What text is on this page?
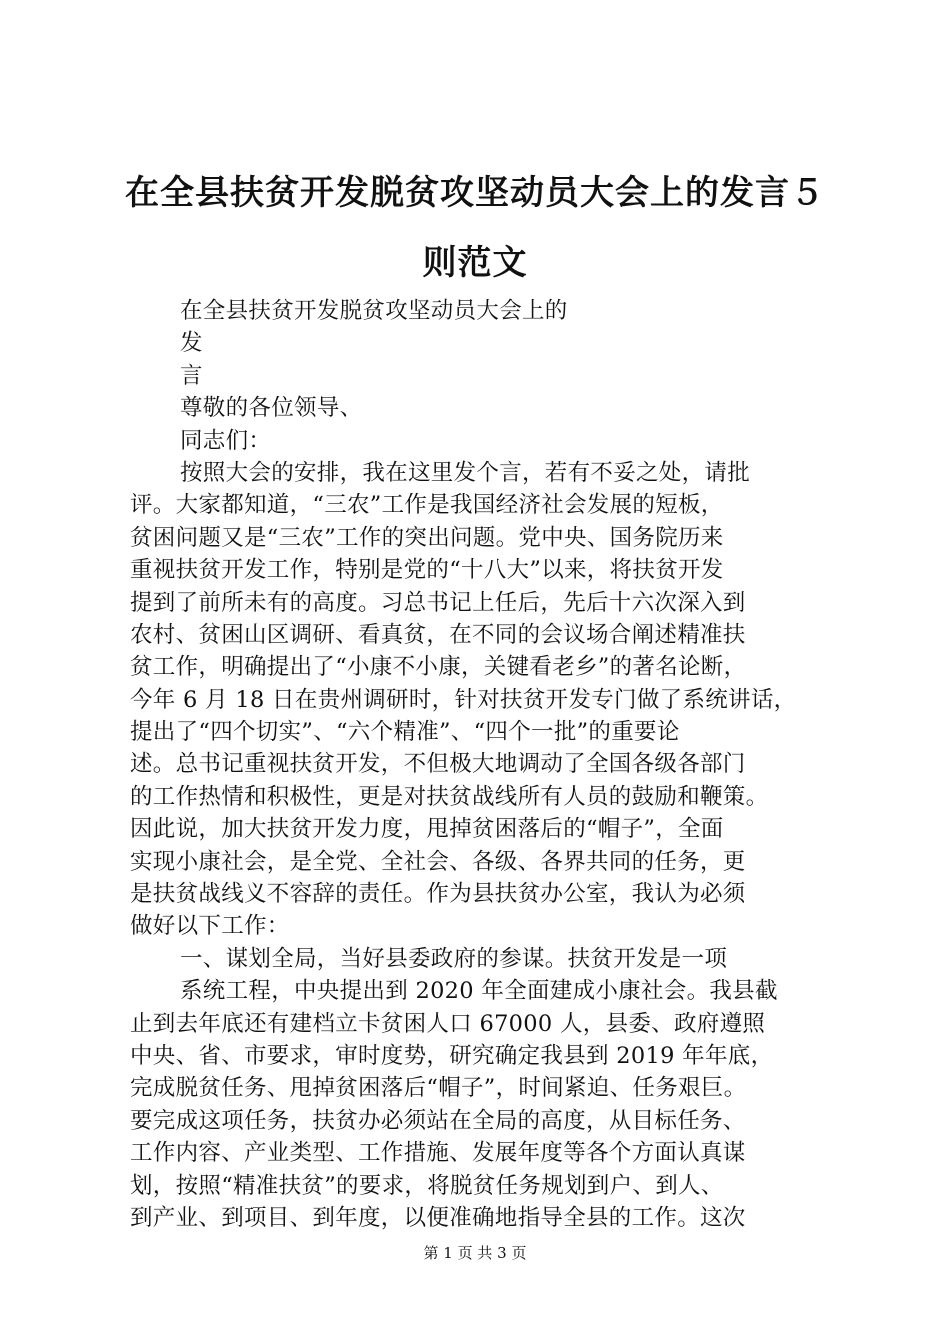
在全县扶贫开发脱贫攻坚动员大会上的发言５
则范文
在全县扶贫开发脱贫攻坚动员大会上的
发
言
尊敬的各位领导、
同志们：
按照大会的安排，我在这里发个言，若有不妥之处，请批
评。大家都知道，“三农”工作是我国经济社会发展的短板，
贫困问题又是“三农”工作的突出问题。党中央、国务院历来
重视扶贫开发工作，特别是党的“十八大”以来，将扶贫开发
提到了前所未有的高度。习总书记上任后，先后十六次深入到
农村、贫困山区调研、看真贫，在不同的会议场合阐述精准扶
贫工作，明确提出了“小康不小康，关键看老乡”的著名论断，
今年 6 月 18 日在贵州调研时，针对扶贫开发专门做了系统讲话，
提出了“四个切实”、“六个精准”、“四个一批”的重要论
述。总书记重视扶贫开发，不但极大地调动了全国各级各部门
的工作热情和积极性，更是对扶贫战线所有人员的鼓励和鞭策。
因此说，加大扶贫开发力度，甩掉贫困落后的“帽子”，全面
实现小康社会，是全党、全社会、各级、各界共同的任务，更
是扶贫战线义不容辞的责任。作为县扶贫办公室，我认为必须
做好以下工作：
一、谋划全局，当好县委政府的参谋。扶贫开发是一项
系统工程，中央提出到 2020 年全面建成小康社会。我县截
止到去年底还有建档立卡贫困人口 67000 人，县委、政府遵照
中央、省、市要求，审时度势，研究确定我县到 2019 年年底，
完成脱贫任务、甩掉贫困落后“帽子”，时间紧迫、任务艰巨。
要完成这项任务，扶贫办必须站在全局的高度，从目标任务、
工作内容、产业类型、工作措施、发展年度等各个方面认真谋
划，按照“精准扶贫”的要求，将脱贫任务规划到户、到人、
到产业、到项目、到年度，以便准确地指导全县的工作。这次
第 1 页 共 3 页
